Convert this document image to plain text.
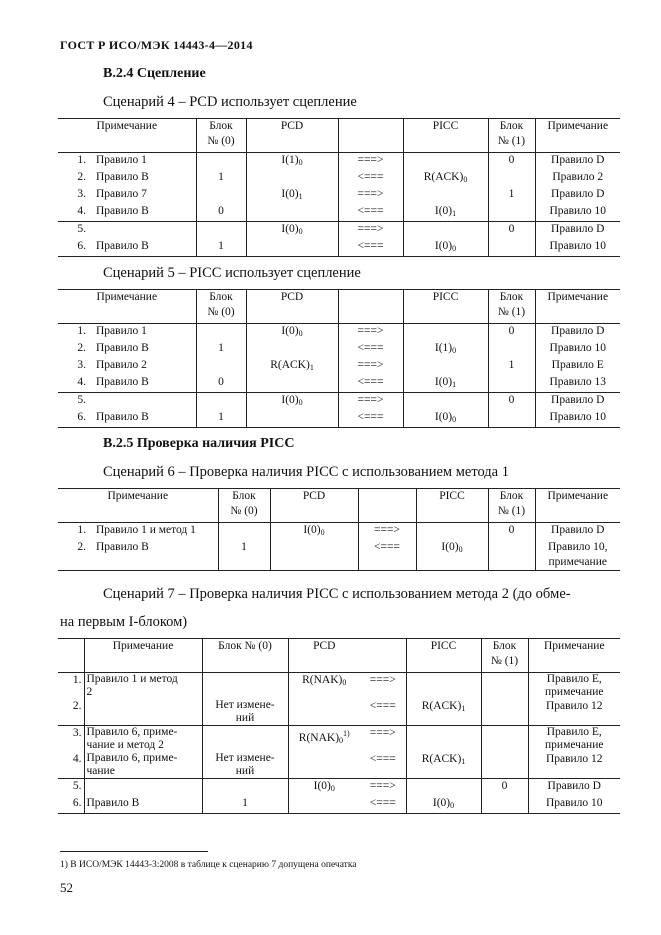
ГОСТ Р ИСО/МЭК 14443-4—2014
В.2.4 Сцепление
Сценарий 4 – PCD использует сцепление
Примечание	Блок
№ (0)	PCD		PICC	Блок
№ (1)	Примечание
1. Правило 1		$I(1)_0$	===>		0	Правило D
2. Правило В	1		<===	$R(ACK)_0$		Правило 2
3. Правило 7		$I(0)_1$	===>		1	Правило D
4. Правило В	0		<===	$I(0)_1$		Правило 10
5.		$I(0)_0$	===>		0	Правило D
6. Правило В	1		<===	$I(0)_0$		Правило 10
Сценарий 5 – PICC использует сцепление
Примечание	Блок
№ (0)	PCD		PICC	Блок
№ (1)	Примечание
1. Правило 1		$I(0)_0$	===>		0	Правило D
2. Правило В	1		<===	$I(1)_0$		Правило 10
3. Правило 2		$R(ACK)_1$	===>		1	Правило Е
4. Правило В	0		<===	$I(0)_1$		Правило 13
5.		$I(0)_0$	===>		0	Правило D
6. Правило В	1		<===	$I(0)_0$		Правило 10
В.2.5 Проверка наличия PICC
Сценарий 6 – Проверка наличия PICC с использованием метода 1
Примечание	Блок
№ (0)	PCD		PICC	Блок
№ (1)	Примечание
1. Правило 1 и метод 1		$I(0)_0$	===>		0	Правило D
2. Правило В	1		<===	$I(0)_0$		Правило 10,
примечание
Сценарий 7 – Проверка наличия PICC с использованием метода 2 (до обме-
на первым I-блоком)
	Примечание	Блок № (0)	PCD		PICC	Блок
№ (1)	Примечание
1.	Правило 1 и метод
2		$R(NAK)_0$	===>			Правило Е,
примечание
2.		Нет измене-
ний		<===	$R(ACK)_1$		Правило 12
3.	Правило 6, приме-
чание и метод 2		$R(NAK)_0^{1)}$	===>			Правило Е,
примечание
4.	Правило 6, приме-
чание	Нет измене-
ний		<===	$R(ACK)_1$		Правило 12
5.			$I(0)_0$	===>		0	Правило D
6.	Правило В	1		<===	$I(0)_0$		Правило 10
1) В ИСО/МЭК 14443-3:2008 в таблице к сценарию 7 допущена опечатка
52
